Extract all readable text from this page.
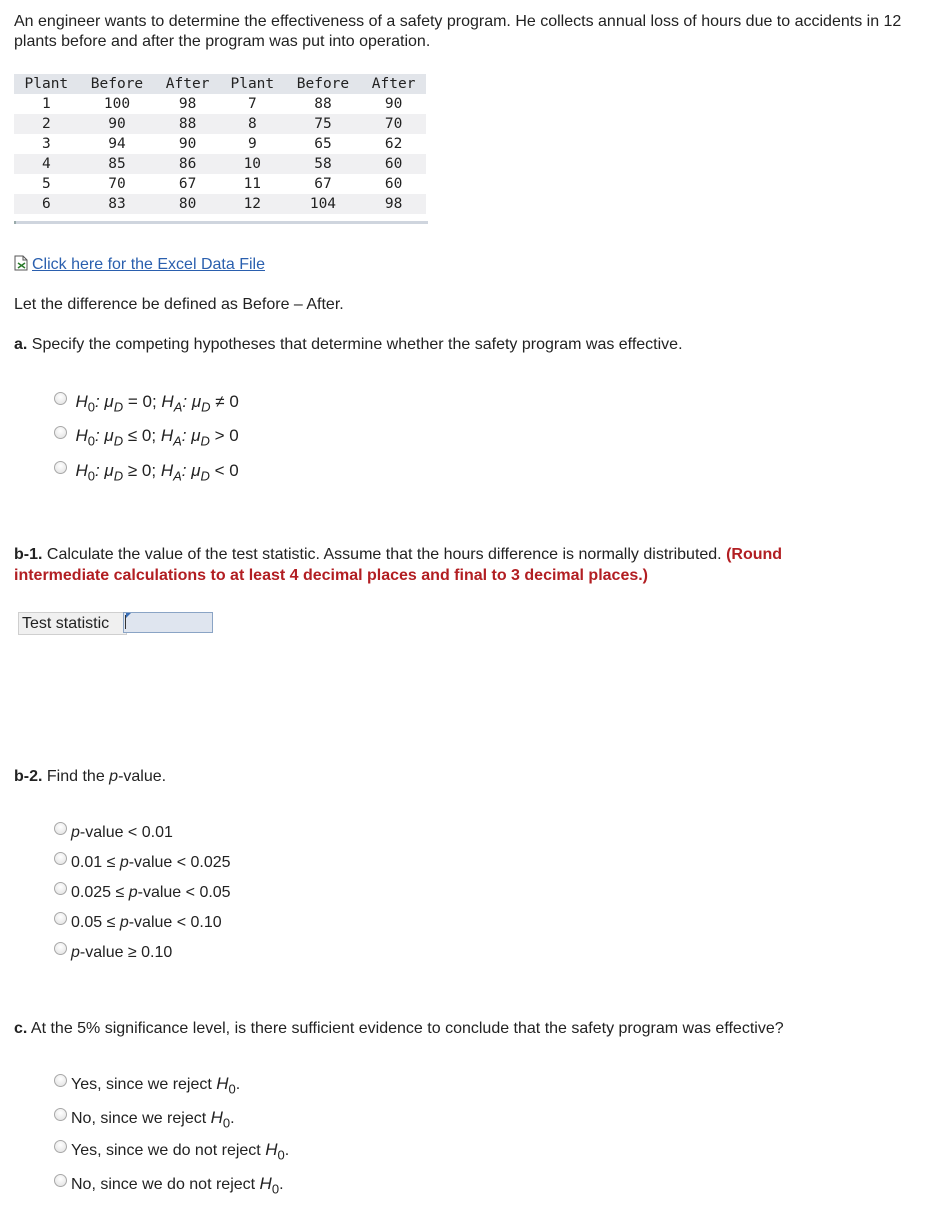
An engineer wants to determine the effectiveness of a safety program. He collects annual loss of hours due to accidents in 12 plants before and after the program was put into operation.
Plant	Before	After	Plant	Before	After
1	100	98	7	88	90
2	90	88	8	75	70
3	94	90	9	65	62
4	85	86	10	58	60
5	70	67	11	67	60
6	83	80	12	104	98
Click here for the Excel Data File
Let the difference be defined as Before – After.
a. Specify the competing hypotheses that determine whether the safety program was effective.
$H_0$: $\mu_D = 0$; $H_A$: $\mu_D \ne 0$
$H_0$: $\mu_D \le 0$; $H_A$: $\mu_D > 0$
$H_0$: $\mu_D \ge 0$; $H_A$: $\mu_D < 0$
b-1. Calculate the value of the test statistic. Assume that the hours difference is normally distributed. (Round intermediate calculations to at least 4 decimal places and final to 3 decimal places.)
Test statistic
b-2. Find the p-value.
p-value < 0.01
0.01 ≤ p-value < 0.025
0.025 ≤ p-value < 0.05
0.05 ≤ p-value < 0.10
p-value ≥ 0.10
c. At the 5% significance level, is there sufficient evidence to conclude that the safety program was effective?
Yes, since we reject $H_0$.
No, since we reject $H_0$.
Yes, since we do not reject $H_0$.
No, since we do not reject $H_0$.
